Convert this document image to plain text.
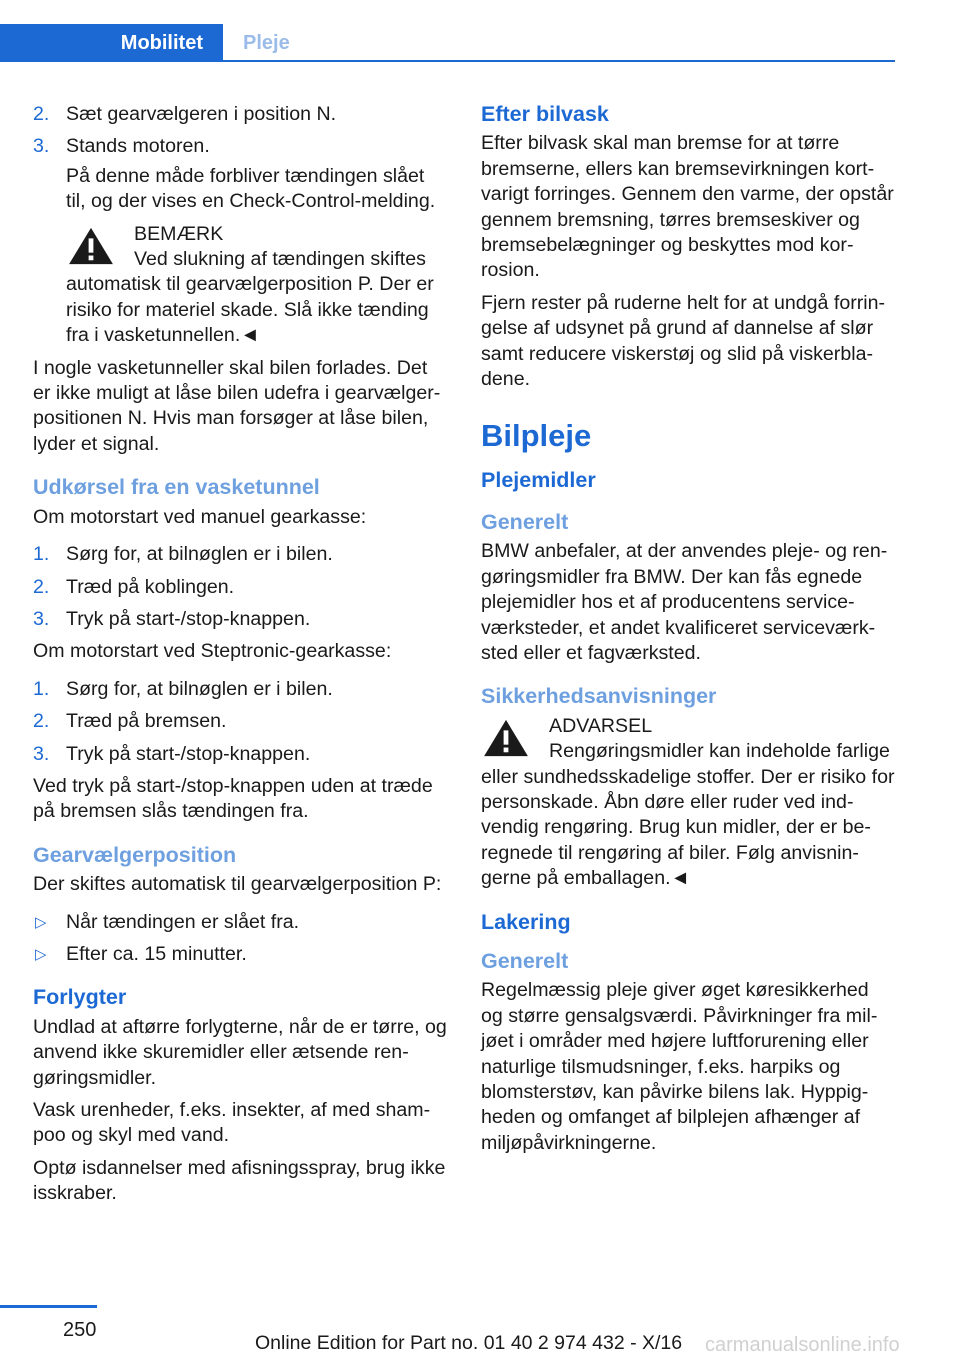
Mobilitet	Pleje
2. Sæt gearvælgeren i position N.
3. Stands motoren.

På denne måde forbliver tændingen slået til, og der vises en Check-Control-melding.

BEMÆRK
Ved slukning af tændingen skiftes automatisk til gearvælgerposition P. Der er risiko for materiel skade. Slå ikke tænding fra i vasketunnellen.◄

I nogle vasketunneller skal bilen forlades. Det er ikke muligt at låse bilen udefra i gearvælgerpositionen N. Hvis man forsøger at låse bilen, lyder et signal.

Udkørsel fra en vasketunnel

Om motorstart ved manuel gearkasse:

1. Sørg for, at bilnøglen er i bilen.
2. Træd på koblingen.
3. Tryk på start-/stop-knappen.

Om motorstart ved Steptronic-gearkasse:

1. Sørg for, at bilnøglen er i bilen.
2. Træd på bremsen.
3. Tryk på start-/stop-knappen.

Ved tryk på start-/stop-knappen uden at træde på bremsen slås tændingen fra.

Gearvælgerposition

Der skiftes automatisk til gearvælgerposition P:

▷ Når tændingen er slået fra.
▷ Efter ca. 15 minutter.
Forlygter

Undlad at aftørre forlygterne, når de er tørre, og anvend ikke skuremidler eller ætsende rengøringsmidler.

Vask urenheder, f.eks. insekter, af med shampoo og skyl med vand.

Optø isdannelser med afisningsspray, brug ikke isskraber.

Efter bilvask

Efter bilvask skal man bremse for at tørre bremserne, ellers kan bremsevirkningen kortvarigt forringes. Gennem den varme, der opstår gennem bremsning, tørres bremseskiver og bremsebelægninger og beskyttes mod korrosion.

Fjern rester på ruderne helt for at undgå forringelse af udsynet på grund af dannelse af slør samt reducere viskerstøj og slid på viskerbladene.

Bilpleje
Plejemidler
Generelt

BMW anbefaler, at der anvendes pleje- og rengøringsmidler fra BMW. Der kan fås egnede plejemidler hos et af producentens serviceværksteder, et andet kvalificeret serviceværksted eller et fagværksted.

Sikkerhedsanvisninger
ADVARSEL
Rengøringsmidler kan indeholde farlige eller sundhedsskadelige stoffer. Der er risiko for personskade. Åbn døre eller ruder ved indvendig rengøring. Brug kun midler, der er beregnede til rengøring af biler. Følg anvisningerne på emballagen.◄
Lakering
Generelt

Regelmæssig pleje giver øget køresikkerhed og større gensalgsværdi. Påvirkninger fra miljøet i områder med højere luftforurening eller naturlige tilsmudsninger, f.eks. harpiks og blomsterstøv, kan påvirke bilens lak. Hyppigheden og omfanget af bilplejen afhænger af miljøpåvirkningerne.

250
Online Edition for Part no. 01 40 2 974 432 - X/16 carmanualsonline.info
